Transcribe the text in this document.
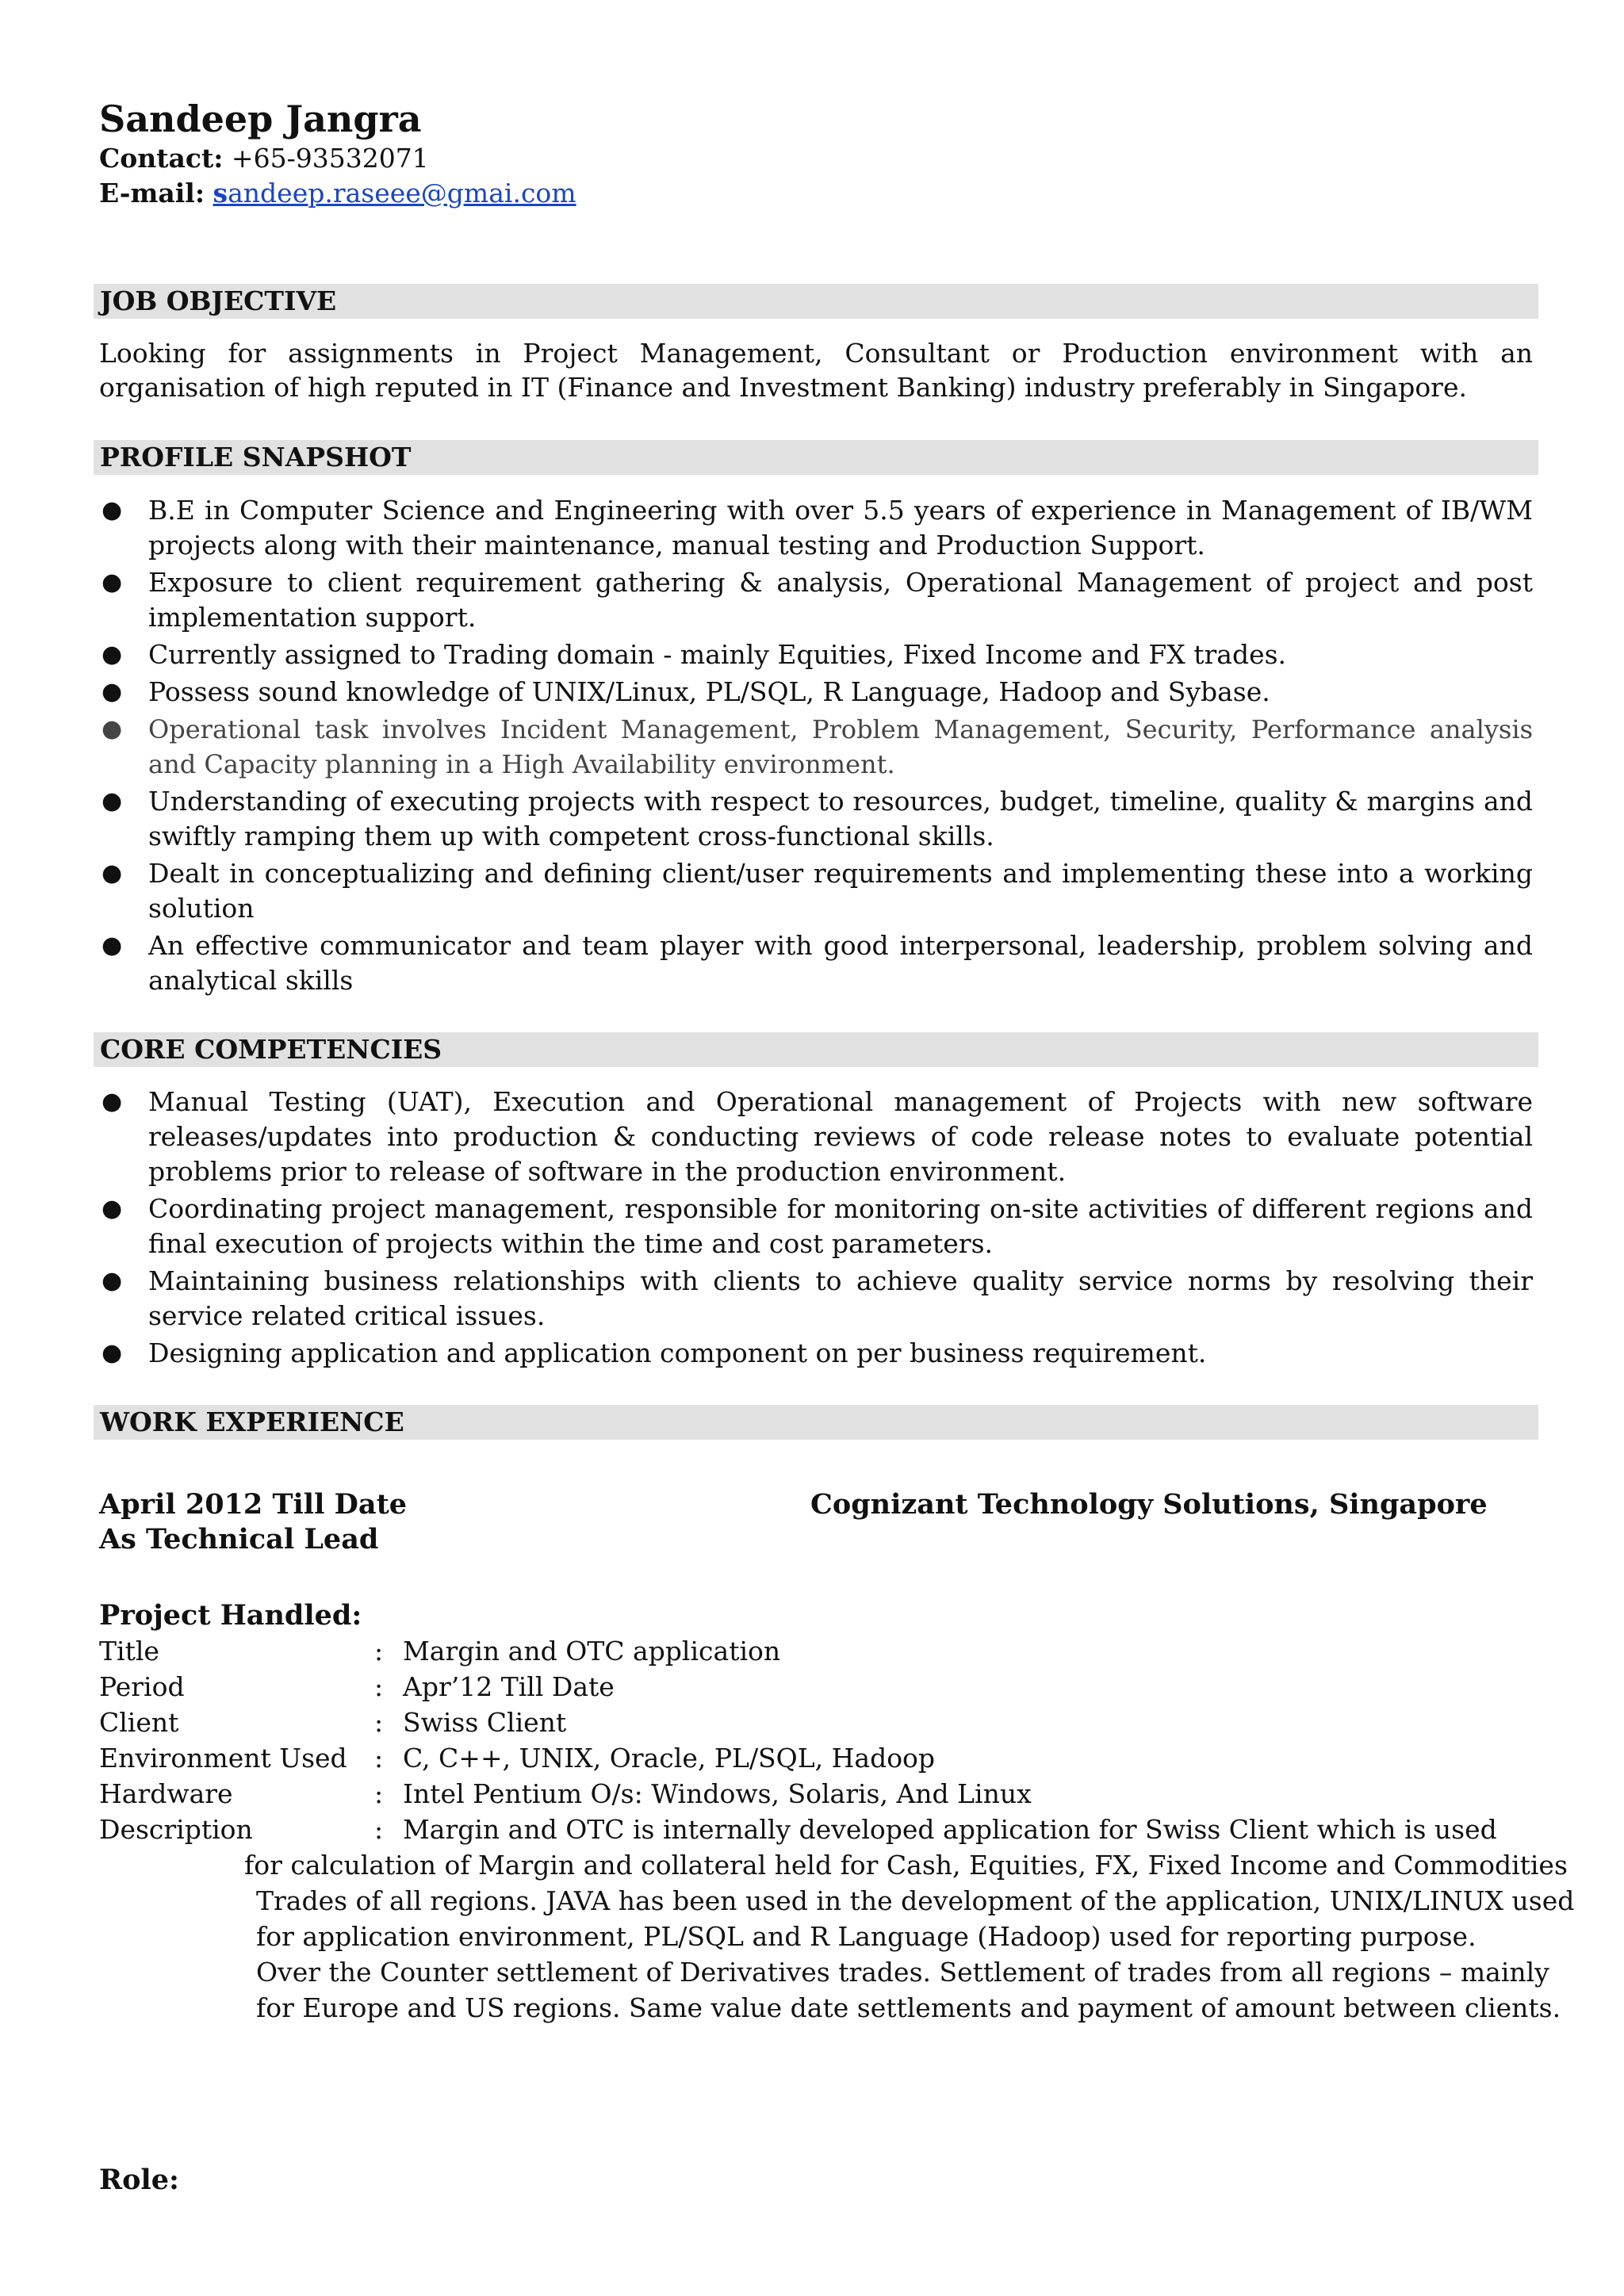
Sandeep Jangra
Contact: +65-93532071
E-mail: sandeep.raseee@gmai.com
JOB OBJECTIVE
Looking for assignments in Project Management, Consultant or Production environment with an organisation of high reputed in IT (Finance and Investment Banking) industry preferably in Singapore.
PROFILE SNAPSHOT
● B.E in Computer Science and Engineering with over 5.5 years of experience in Management of IB/WM projects along with their maintenance, manual testing and Production Support.
● Exposure to client requirement gathering & analysis, Operational Management of project and post implementation support.
● Currently assigned to Trading domain - mainly Equities, Fixed Income and FX trades.
● Possess sound knowledge of UNIX/Linux, PL/SQL, R Language, Hadoop and Sybase.
● Operational task involves Incident Management, Problem Management, Security, Performance analysis and Capacity planning in a High Availability environment.
● Understanding of executing projects with respect to resources, budget, timeline, quality & margins and swiftly ramping them up with competent cross-functional skills.
● Dealt in conceptualizing and defining client/user requirements and implementing these into a working solution
● An effective communicator and team player with good interpersonal, leadership, problem solving and analytical skills
CORE COMPETENCIES
● Manual Testing (UAT), Execution and Operational management of Projects with new software releases/updates into production & conducting reviews of code release notes to evaluate potential problems prior to release of software in the production environment.
● Coordinating project management, responsible for monitoring on-site activities of different regions and final execution of projects within the time and cost parameters.
● Maintaining business relationships with clients to achieve quality service norms by resolving their service related critical issues.
● Designing application and application component on per business requirement.
WORK EXPERIENCE
April 2012 Till Date	Cognizant Technology Solutions, Singapore
As Technical Lead
Project Handled:
Title	: Margin and OTC application
Period	: Apr’12 Till Date
Client	: Swiss Client
Environment Used : C, C++, UNIX, Oracle, PL/SQL, Hadoop
Hardware	: Intel Pentium O/s: Windows, Solaris, And Linux
Description	: Margin and OTC is internally developed application for Swiss Client which is used
for calculation of Margin and collateral held for Cash, Equities, FX, Fixed Income and Commodities
Trades of all regions. JAVA has been used in the development of the application, UNIX/LINUX used
for application environment, PL/SQL and R Language (Hadoop) used for reporting purpose.
Over the Counter settlement of Derivatives trades. Settlement of trades from all regions – mainly
for Europe and US regions. Same value date settlements and payment of amount between clients.
Role:
